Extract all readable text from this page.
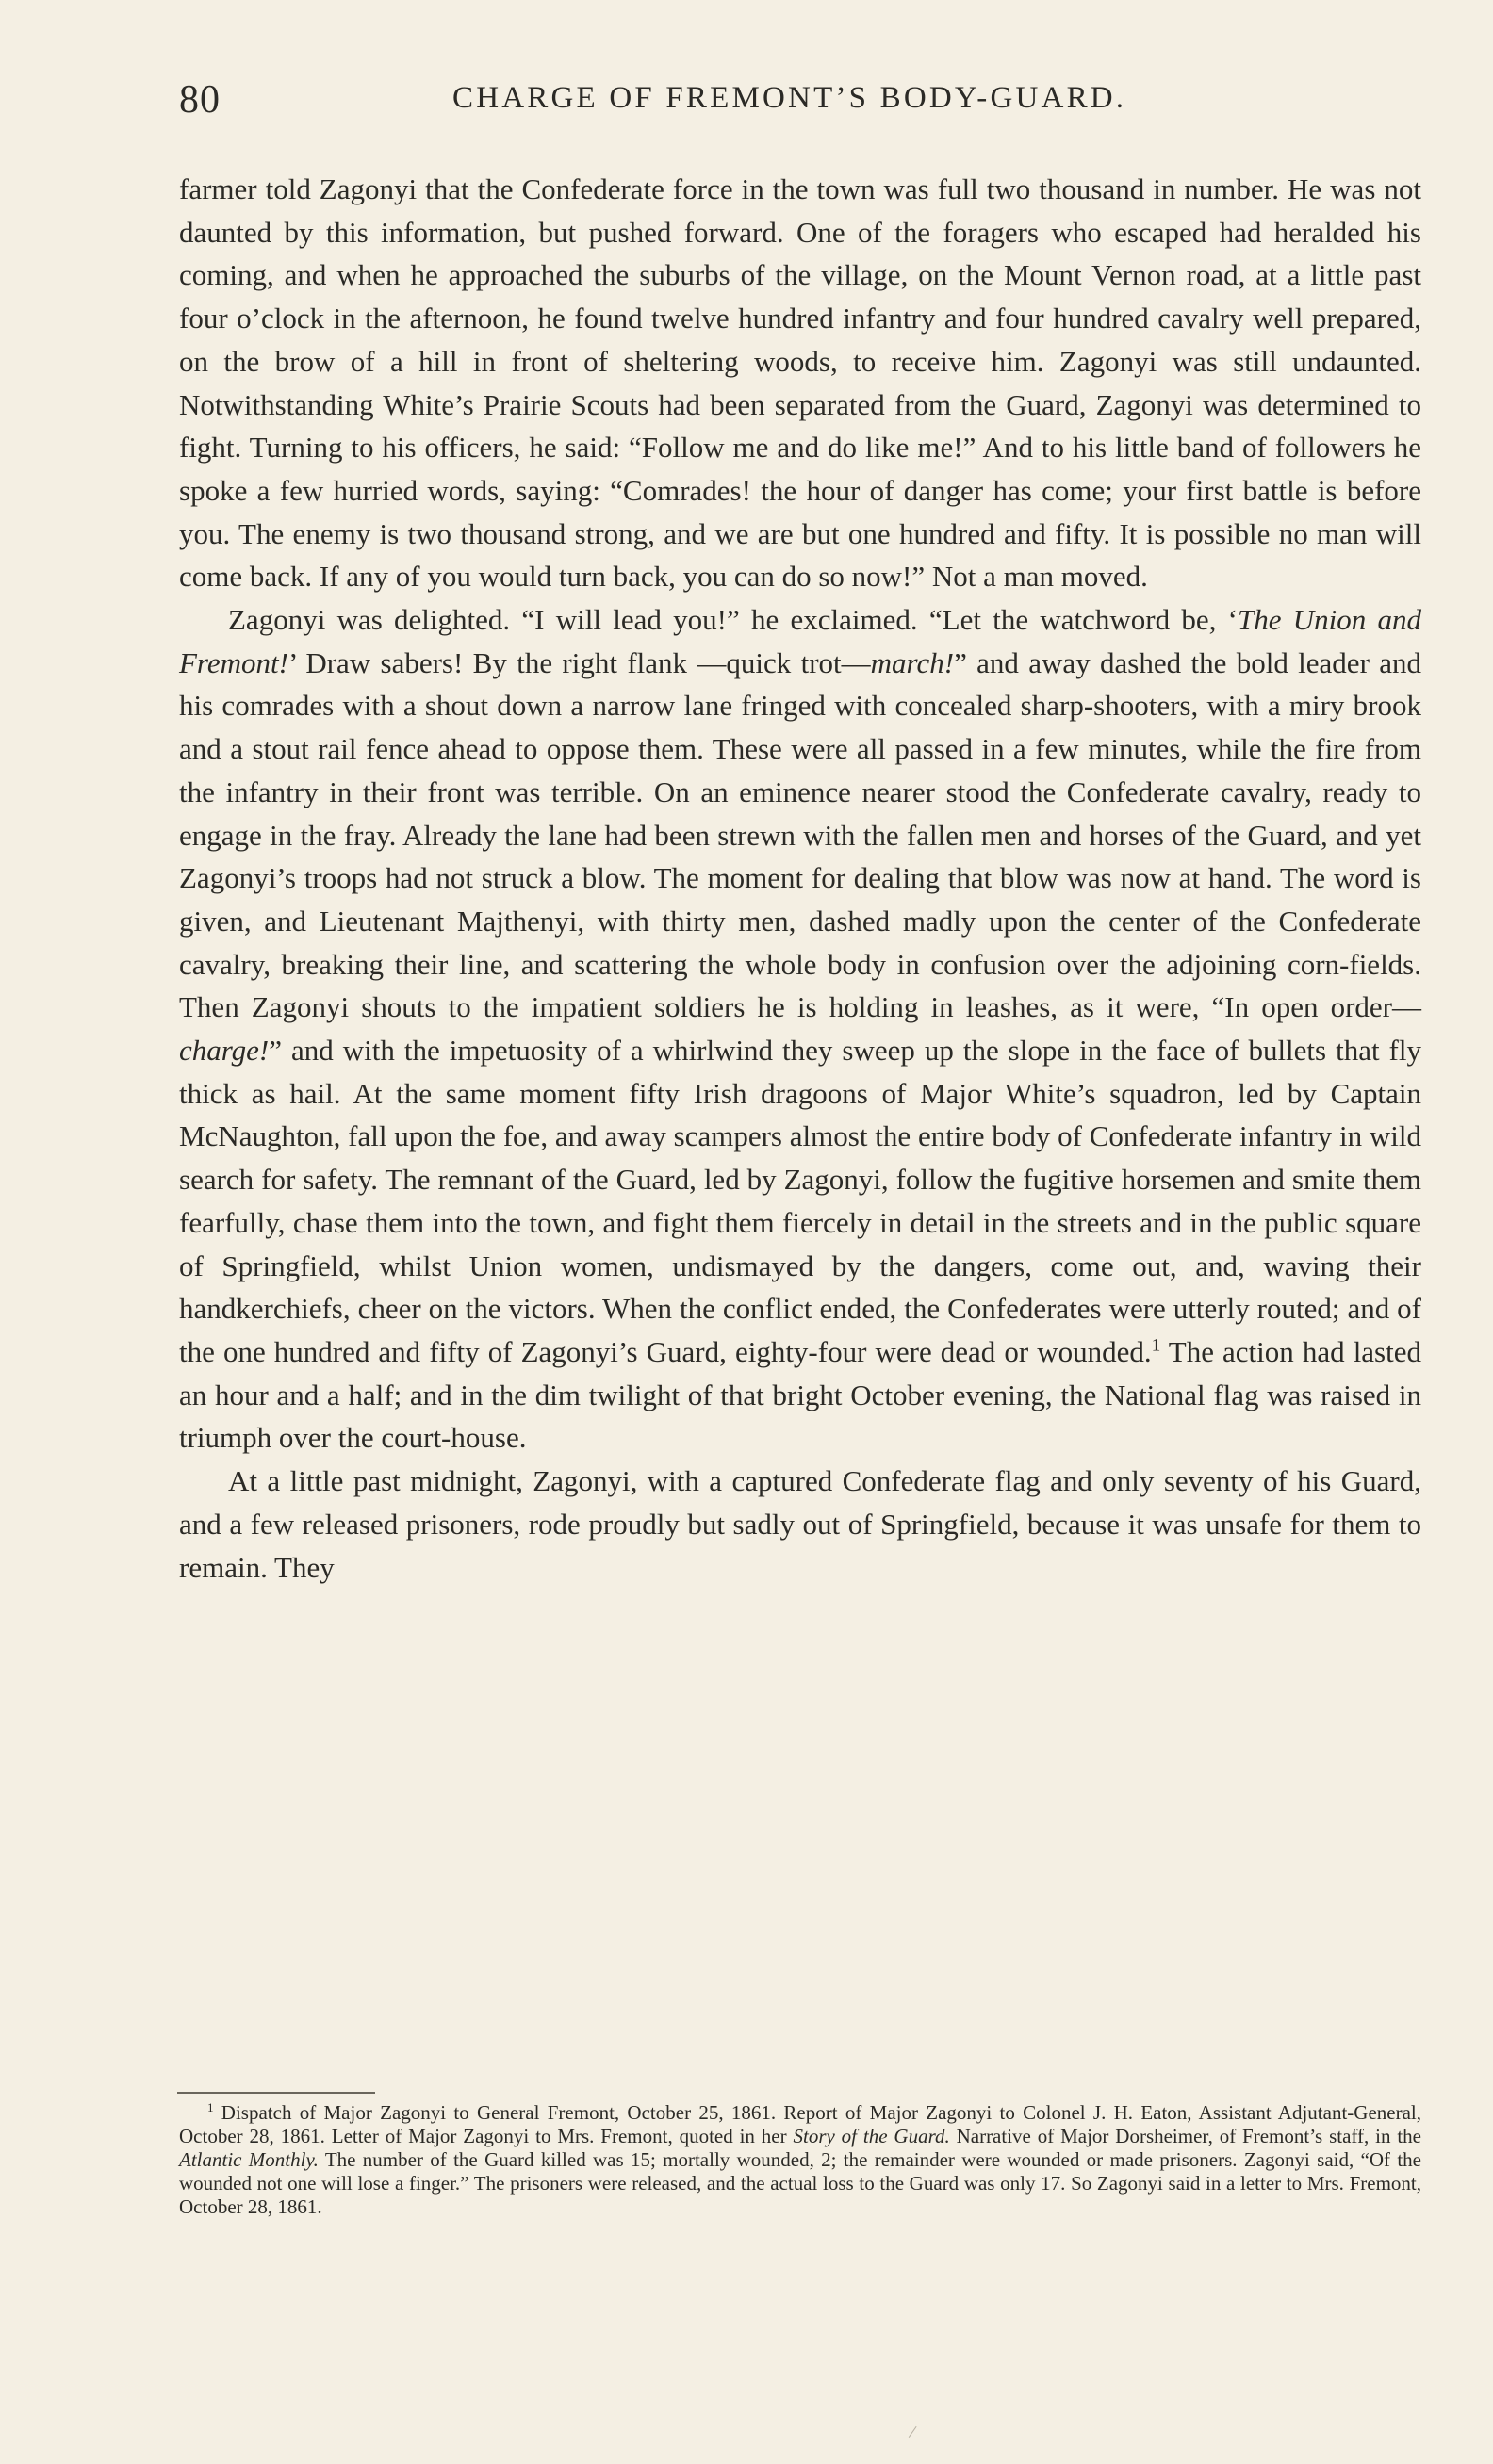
80	CHARGE OF FREMONT’S BODY-GUARD.

farmer told Zagonyi that the Confederate force in the town was full two thousand in number. He was not daunted by this information, but pushed forward. One of the foragers who escaped had heralded his coming, and when he approached the suburbs of the village, on the Mount Vernon road, at a little past four o’clock in the afternoon, he found twelve hundred infantry and four hundred cavalry well prepared, on the brow of a hill in front of sheltering woods, to receive him. Zagonyi was still undaunted. Notwithstanding White’s Prairie Scouts had been separated from the Guard, Zagonyi was determined to fight. Turning to his officers, he said: “Follow me and do like me!” And to his little band of followers he spoke a few hurried words, saying: “Comrades! the hour of danger has come; your first battle is before you. The enemy is two thousand strong, and we are but one hundred and fifty. It is possible no man will come back. If any of you would turn back, you can do so now!” Not a man moved.

Zagonyi was delighted. “I will lead you!” he exclaimed. “Let the watchword be, ‘The Union and Fremont!’ Draw sabers! By the right flank —quick trot—march!” and away dashed the bold leader and his comrades with a shout down a narrow lane fringed with concealed sharp-shooters, with a miry brook and a stout rail fence ahead to oppose them. These were all passed in a few minutes, while the fire from the infantry in their front was terrible. On an eminence nearer stood the Confederate cavalry, ready to engage in the fray. Already the lane had been strewn with the fallen men and horses of the Guard, and yet Zagonyi’s troops had not struck a blow. The moment for dealing that blow was now at hand. The word is given, and Lieutenant Majthenyi, with thirty men, dashed madly upon the center of the Confederate cavalry, breaking their line, and scattering the whole body in confusion over the adjoining corn-fields. Then Zagonyi shouts to the impatient soldiers he is holding in leashes, as it were, “In open order—charge!” and with the impetuosity of a whirlwind they sweep up the slope in the face of bullets that fly thick as hail. At the same moment fifty Irish dragoons of Major White’s squadron, led by Captain McNaughton, fall upon the foe, and away scampers almost the entire body of Confederate infantry in wild search for safety. The remnant of the Guard, led by Zagonyi, follow the fugitive horsemen and smite them fearfully, chase them into the town, and fight them fiercely in detail in the streets and in the public square of Springfield, whilst Union women, undismayed by the dangers, come out, and, waving their handkerchiefs, cheer on the victors. When the conflict ended, the Confederates were utterly routed; and of the one hundred and fifty of Zagonyi’s Guard, eighty-four were dead or wounded.$^1$ The action had lasted an hour and a half; and in the dim twilight of that bright October evening, the National flag was raised in triumph over the court-house.

At a little past midnight, Zagonyi, with a captured Confederate flag and only seventy of his Guard, and a few released prisoners, rode proudly but sadly out of Springfield, because it was unsafe for them to remain. They

$^1$ Dispatch of Major Zagonyi to General Fremont, October 25, 1861. Report of Major Zagonyi to Colonel J. H. Eaton, Assistant Adjutant-General, October 28, 1861. Letter of Major Zagonyi to Mrs. Fremont, quoted in her Story of the Guard. Narrative of Major Dorsheimer, of Fremont’s staff, in the Atlantic Monthly. The number of the Guard killed was 15; mortally wounded, 2; the remainder were wounded or made prisoners. Zagonyi said, “Of the wounded not one will lose a finger.” The prisoners were released, and the actual loss to the Guard was only 17. So Zagonyi said in a letter to Mrs. Fremont, October 28, 1861.
